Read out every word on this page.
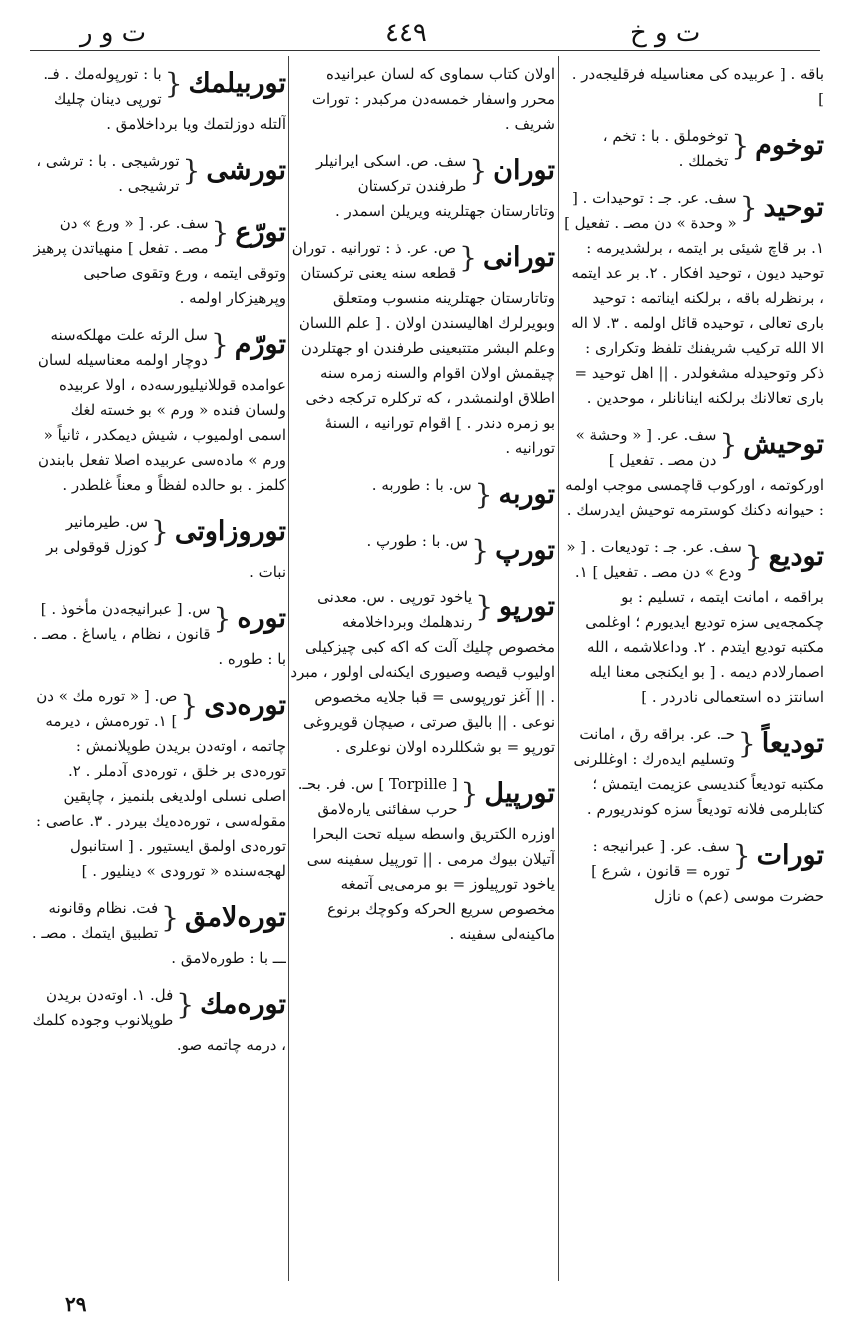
ت و ر	٤٤٩	ت و خ
باقه . [ عربیده کی معناسیله فرقلیجه‌در . ]
توخوم
{
توخوملق . با : تخم ، تخملك .
توحید
{
سف. عر. جـ : توحیدات . [ « وحدة » دن مصـ . تفعیل ] ١. بر قاچ شیئی بر ایتمه ، برلشدیرمه : توحید دیون ، توحید افکار . ٢. بر عد ایتمه ، برنظرله باقه ، برلکنه ایناتمه : توحید باری تعالی ، توحیده قائل اولمه . ٣. لا اله الا الله ترکیب شریفنك تلفظ وتکراری : ذکر وتوحیدله مشغولدر . || اهل توحید = باری تعالانك برلکنه اینانانلر ، موحدین .
توحیش
{
سف. عر. [ « وحشة » دن مصـ . تفعیل ] اورکوتمه ، اورکوب قاچمسی موجب اولمه : حیوانه دکنك کوسترمه توحیش ایدرسك .
تودیع
{
سف. عر. جـ : تودیعات . [ « ودع » دن مصـ . تفعیل ] ١. براقمه ، امانت ایتمه ، تسلیم : بو چکمجه‌یی سزه تودیع ایدیورم ؛ اوغلمی مکتبه تودیع ایتدم . ٢. وداعلاشمه ، الله اصمارلادم دیمه . [ بو ایکنجی معنا ایله اسانتز ده استعمالی نادردر . ]
تودیعاً
{
حـ. عر. براقه رق ، امانت وتسلیم ایده‌رك : اوغللرنی مکتبه تودیعاً کندیسی عزیمت ایتمش ؛ کتابلرمی فلانه تودیعاً سزه کوندریورم .
تورات
{
سف. عر. [ عبرانیجه : توره = قانون ، شرع ] حضرت موسی (عم) ه نازل
اولان کتاب سماوی که لسان عبرانیده محرر واسفار خمسه‌دن مرکبدر : تورات شریف .
توران
{
سف. ص. اسکی ایرانیلر طرفندن ترکستان وتاتارستان جهتلرینه ویریلن اسمدر .
تورانی
{
ص. عر. ذ : تورانیه . توران قطعه سنه یعنی ترکستان وتاتارستان جهتلرینه منسوب ومتعلق وبویرلرك اهالیسندن اولان . [ علم اللسان وعلم البشر متتبعینی طرفندن او جهتلردن چیقمش اولان اقوام والسنه زمره سنه اطلاق اولنمشدر ، که ترکلره ترکجه دخی بو زمره دندر . ] اقوام تورانیه ، السنهٔ تورانیه .
توربه
{
س. با : طوربه .
تورپ
{
س. با : طورپ .
تورپو
{
یاخود تورپی . س. معدنی رندهلمك وبرداخلامغه مخصوص چلیك آلت که اکه کبی چیزکیلی اولیوب قیصه وصیوری ایکنه‌لی اولور ، مبرد . || آغز تورپوسی = قبا جلایه مخصوص نوعی . || بالیق صرتی ، صیچان قویروغی تورپو = بو شکللرده اولان نوعلری .
تورپیل
{
[ Torpille ] س. فر. بحـ. حرب سفائنی یاره‌لامق اوزره الکتریق واسطه سیله تحت البحرا آتیلان بیوك مرمی . || تورپیل سفینه سی یاخود تورپیلوز = بو مرمی‌یی آتمغه مخصوص سریع الحرکه وکوچك برنوع ماکینه‌لی سفینه .
توربیلمك
{
با : تورپوله‌مك . فـ. تورپی دینان چلیك آلتله دوزلتمك ویا برداخلامق .
تورشی
{
تورشیجی . با : ترشی ، ترشیجی .
تورّع
{
سف. عر. [ « ورع » دن مصـ . تفعل ] منهیاتدن پرهیز وتوقی ایتمه ، ورع وتقوی صاحبی وپرهیزکار اولمه .
تورّم
{
سل الرئه علت مهلکه‌سنه دوچار اولمه معناسیله لسان عوامده قوللانیلیورسه‌ده ، اولا عربیده ولسان فنده « ورم » بو خسته لغك اسمی اولمیوب ، شیش دیمکدر ، ثانیاً « ورم » ماده‌سی عربیده اصلا تفعل بابندن کلمز . بو حالده لفظاً و معناً غلطدر .
توروزاوتی
{
س. طیرمانیر کوزل قوقولی بر نبات .
توره
{
س. [ عبرانیجه‌دن مأخوذ . ] قانون ، نظام ، یاساغ . مصـ . با : طوره .
توره‌دی
{
ص. [ « توره مك » دن ] ١. توره‌مش ، دیرمه چاتمه ، اوته‌دن بریدن طوپلانمش : توره‌دی بر خلق ، توره‌دی آدملر . ٢. اصلی نسلی اولدیغی بلنمیز ، چاپقین مقوله‌سی ، توره‌ده‌یك بیردر . ٣. عاصی : توره‌دی اولمق ایستیور . [ استانبول لهجه‌سنده « تورودی » دینلیور . ]
توره‌لامق
{
فت. نظام وقانونه تطبیق ایتمك . مصـ . ـــ با : طوره‌لامق .
توره‌مك
{
فل. ١. اوته‌دن بریدن طوپلانوب وجوده کلمك ، درمه چاتمه صو.
٢٩
